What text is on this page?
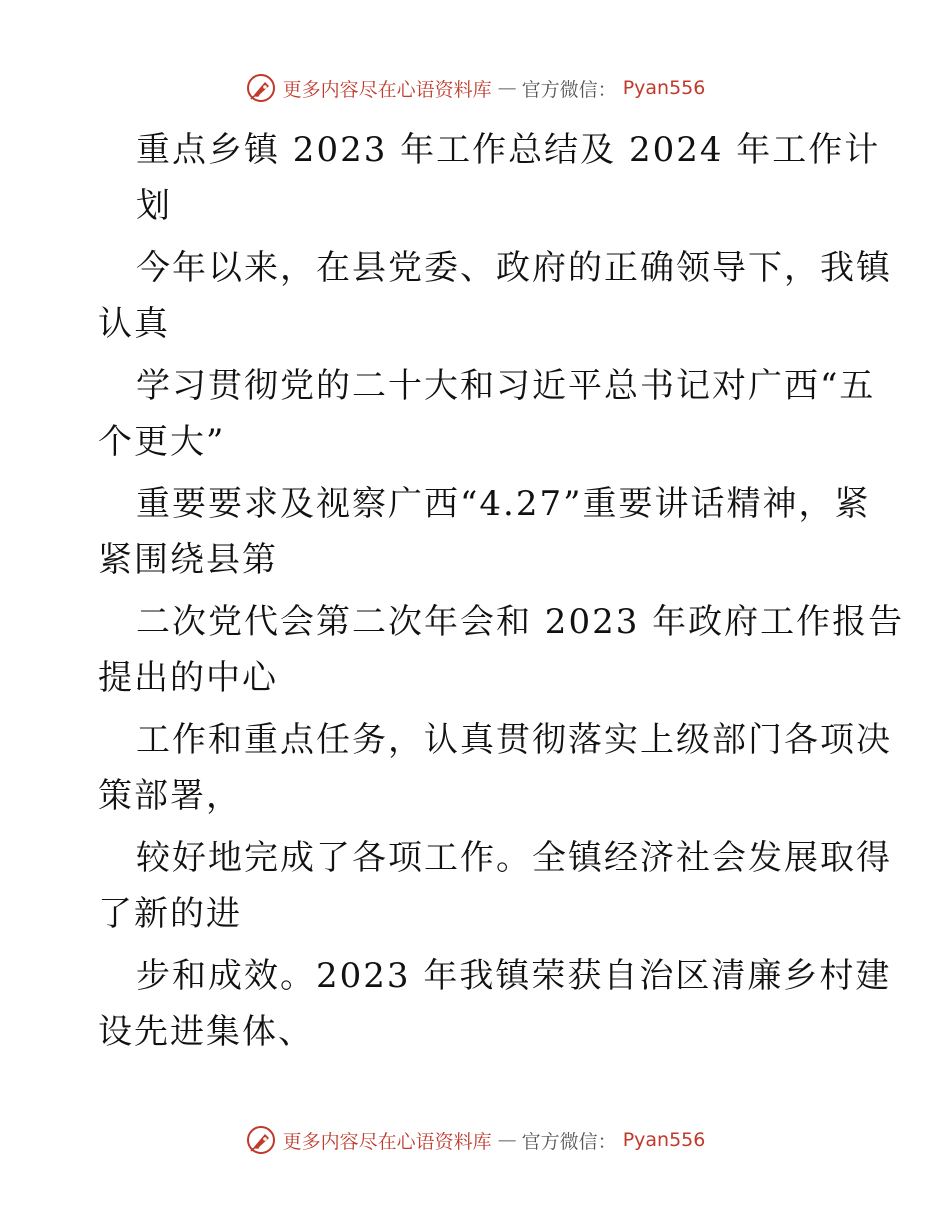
更多内容尽在心语资料库 — 官方微信： Pyan556
重点乡镇 2023 年工作总结及 2024 年工作计
划
今年以来，在县党委、政府的正确领导下，我镇
认真
学习贯彻党的二十大和习近平总书记对广西“五
个更大”
重要要求及视察广西“4.27”重要讲话精神，紧
紧围绕县第
二次党代会第二次年会和 2023 年政府工作报告
提出的中心
工作和重点任务，认真贯彻落实上级部门各项决
策部署，
较好地完成了各项工作。全镇经济社会发展取得
了新的进
步和成效。2023 年我镇荣获自治区清廉乡村建
设先进集体、
更多内容尽在心语资料库 — 官方微信： Pyan556
